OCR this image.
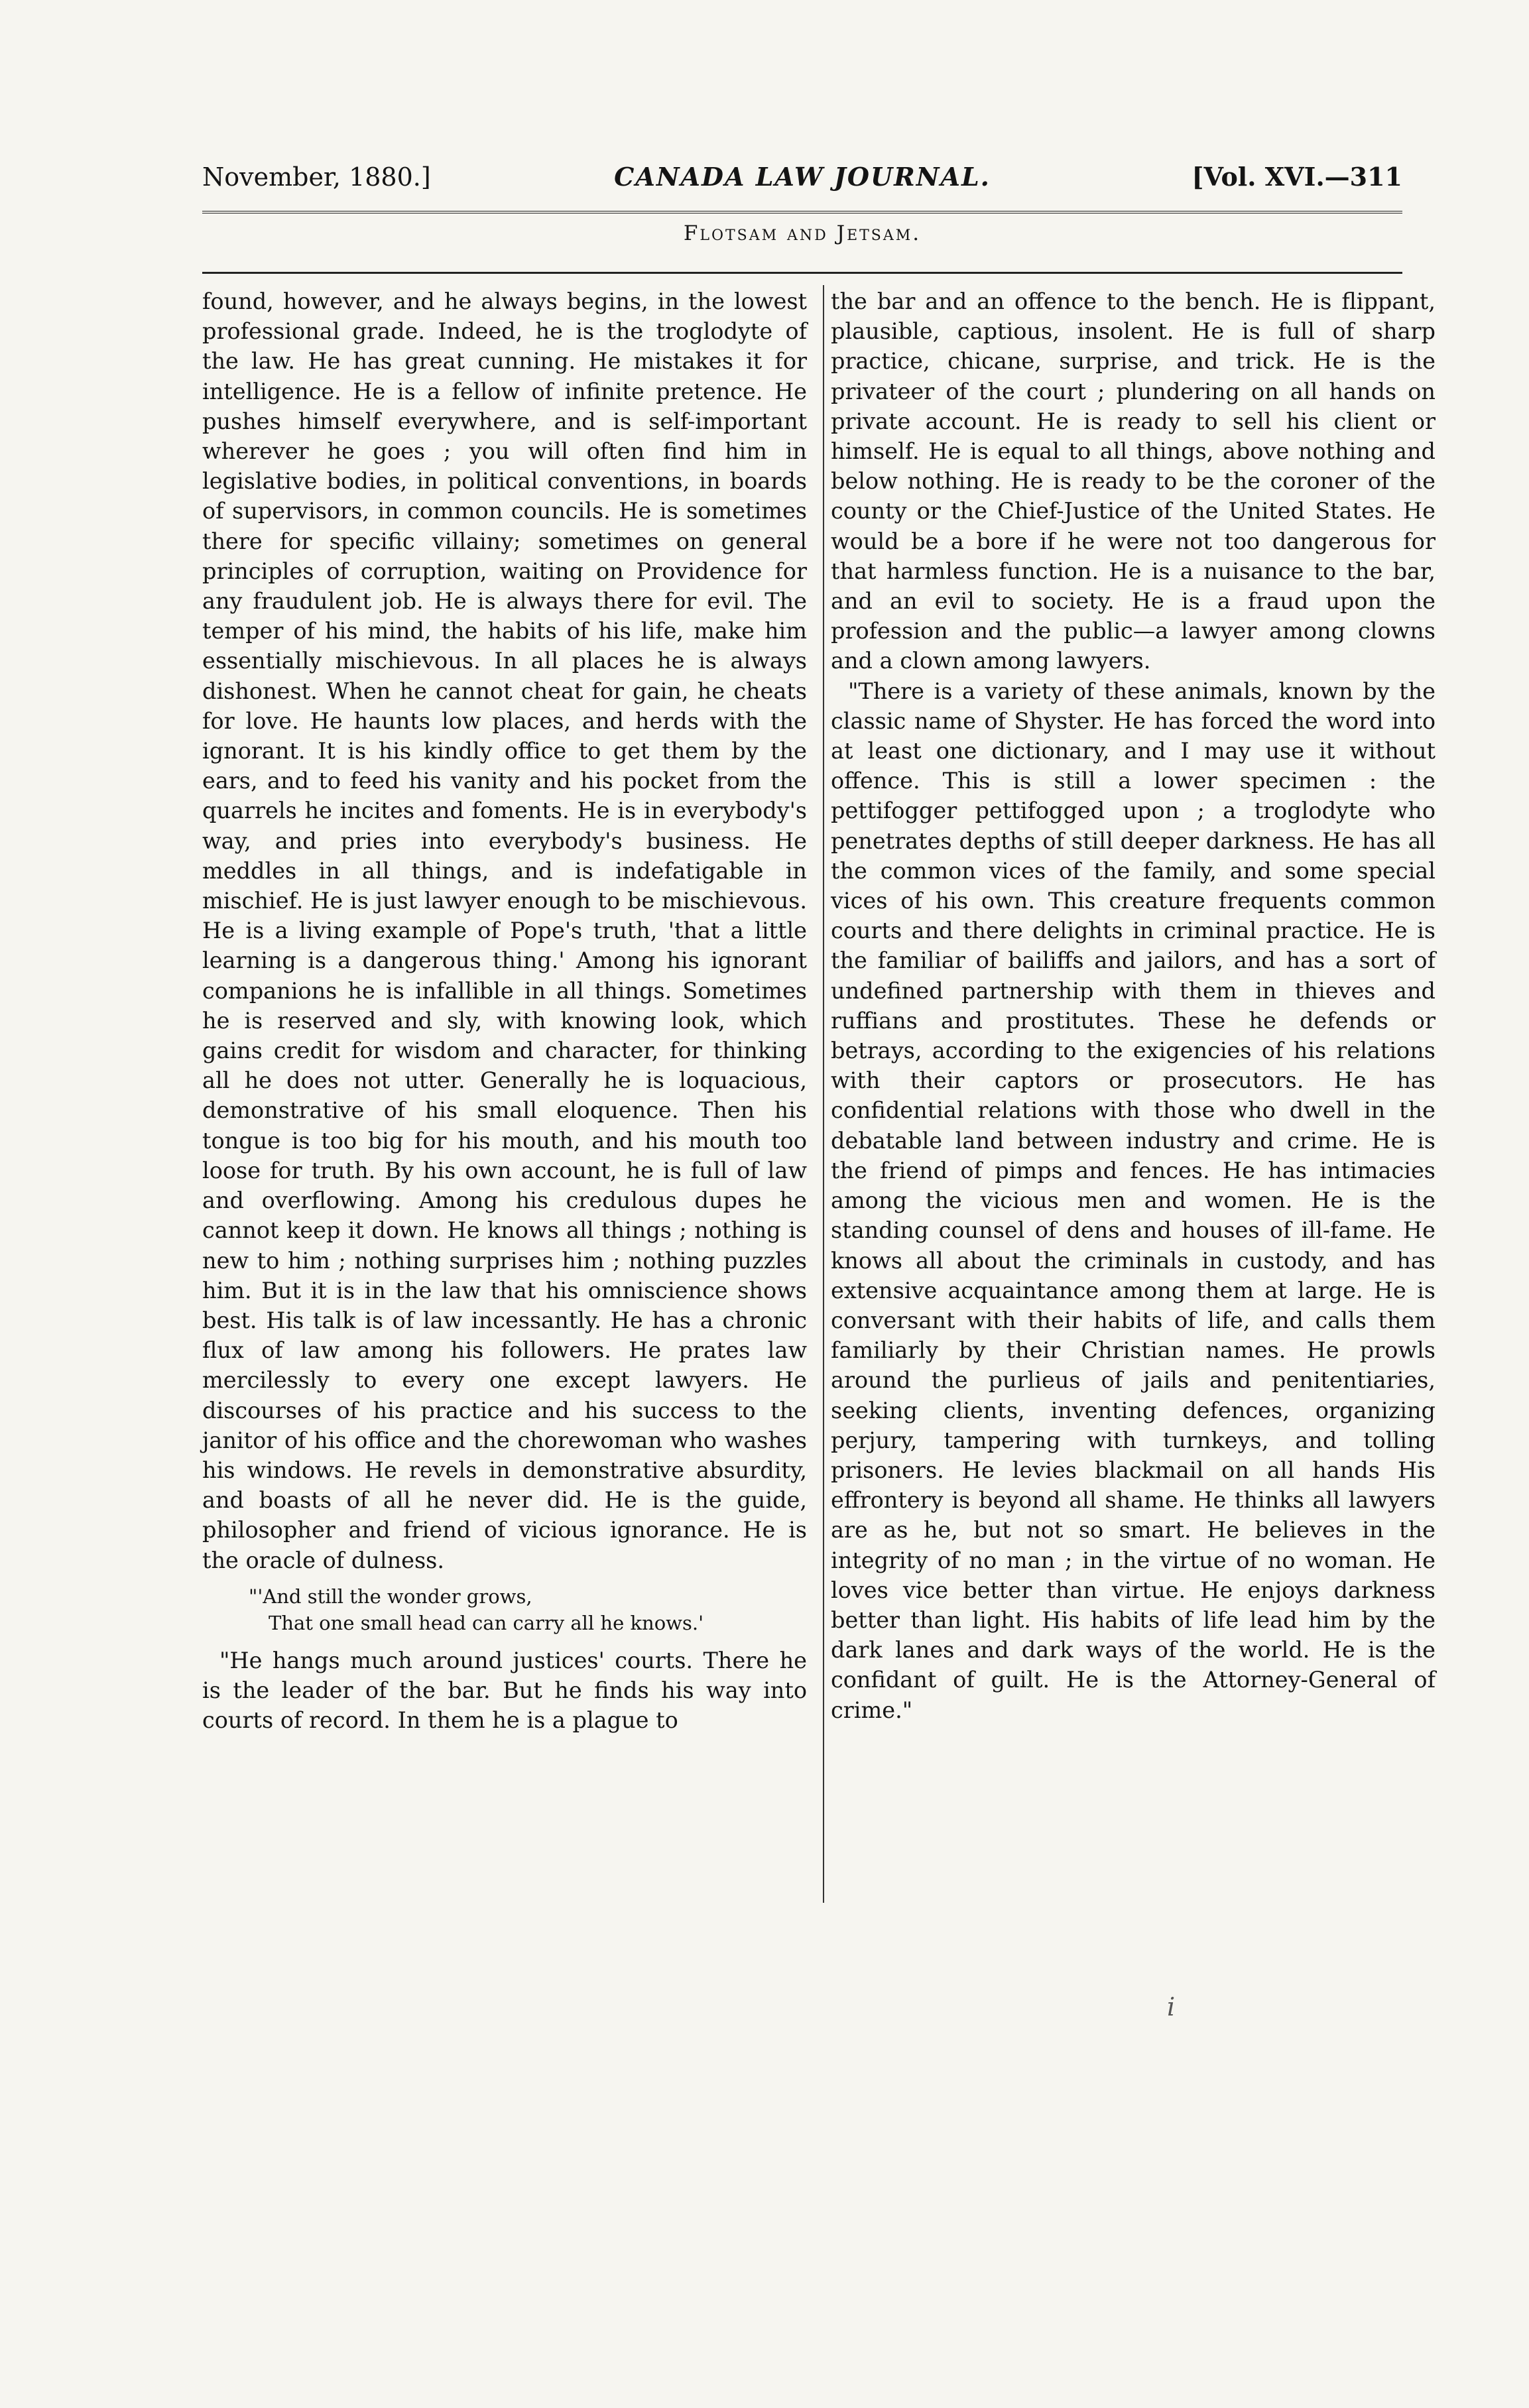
November, 1880.]	CANADA LAW JOURNAL.	[Vol. XVI.—311
Flotsam and Jetsam.

found, however, and he always begins, in the lowest professional grade. Indeed, he is the troglodyte of the law. He has great cunning. He mistakes it for intelligence. He is a fellow of infinite pretence. He pushes himself everywhere, and is self-important wherever he goes ; you will often find him in legislative bodies, in political conventions, in boards of supervisors, in common councils. He is sometimes there for specific villainy; sometimes on general principles of corruption, waiting on Providence for any fraudulent job. He is always there for evil. The temper of his mind, the habits of his life, make him essentially mischievous. In all places he is always dishonest. When he cannot cheat for gain, he cheats for love. He haunts low places, and herds with the ignorant. It is his kindly office to get them by the ears, and to feed his vanity and his pocket from the quarrels he incites and foments. He is in everybody's way, and pries into everybody's business. He meddles in all things, and is indefatigable in mischief. He is just lawyer enough to be mischievous. He is a living example of Pope's truth, 'that a little learning is a dangerous thing.' Among his ignorant companions he is infallible in all things. Sometimes he is reserved and sly, with knowing look, which gains credit for wisdom and character, for thinking all he does not utter. Generally he is loquacious, demonstrative of his small eloquence. Then his tongue is too big for his mouth, and his mouth too loose for truth. By his own account, he is full of law and overflowing. Among his credulous dupes he cannot keep it down. He knows all things ; nothing is new to him ; nothing surprises him ; nothing puzzles him. But it is in the law that his omniscience shows best. His talk is of law incessantly. He has a chronic flux of law among his followers. He prates law mercilessly to every one except lawyers. He discourses of his practice and his success to the janitor of his office and the chorewoman who washes his windows. He revels in demonstrative absurdity, and boasts of all he never did. He is the guide, philosopher and friend of vicious ignorance. He is the oracle of dulness.

"'And still the wonder grows,
That one small head can carry all he knows.'

"He hangs much around justices' courts. There he is the leader of the bar. But he finds his way into courts of record. In them he is a plague to

the bar and an offence to the bench. He is flippant, plausible, captious, insolent. He is full of sharp practice, chicane, surprise, and trick. He is the privateer of the court ; plundering on all hands on private account. He is ready to sell his client or himself. He is equal to all things, above nothing and below nothing. He is ready to be the coroner of the county or the Chief-Justice of the United States. He would be a bore if he were not too dangerous for that harmless function. He is a nuisance to the bar, and an evil to society. He is a fraud upon the profession and the public—a lawyer among clowns and a clown among lawyers.

"There is a variety of these animals, known by the classic name of Shyster. He has forced the word into at least one dictionary, and I may use it without offence. This is still a lower specimen : the pettifogger pettifogged upon ; a troglodyte who penetrates depths of still deeper darkness. He has all the common vices of the family, and some special vices of his own. This creature frequents common courts and there delights in criminal practice. He is the familiar of bailiffs and jailors, and has a sort of undefined partnership with them in thieves and ruffians and prostitutes. These he defends or betrays, according to the exigencies of his relations with their captors or prosecutors. He has confidential relations with those who dwell in the debatable land between industry and crime. He is the friend of pimps and fences. He has intimacies among the vicious men and women. He is the standing counsel of dens and houses of ill-fame. He knows all about the criminals in custody, and has extensive acquaintance among them at large. He is conversant with their habits of life, and calls them familiarly by their Christian names. He prowls around the purlieus of jails and penitentiaries, seeking clients, inventing defences, organizing perjury, tampering with turnkeys, and tolling prisoners. He levies blackmail on all hands His effrontery is beyond all shame. He thinks all lawyers are as he, but not so smart. He believes in the integrity of no man ; in the virtue of no woman. He loves vice better than virtue. He enjoys darkness better than light. His habits of life lead him by the dark lanes and dark ways of the world. He is the confidant of guilt. He is the Attorney-General of crime."

i
